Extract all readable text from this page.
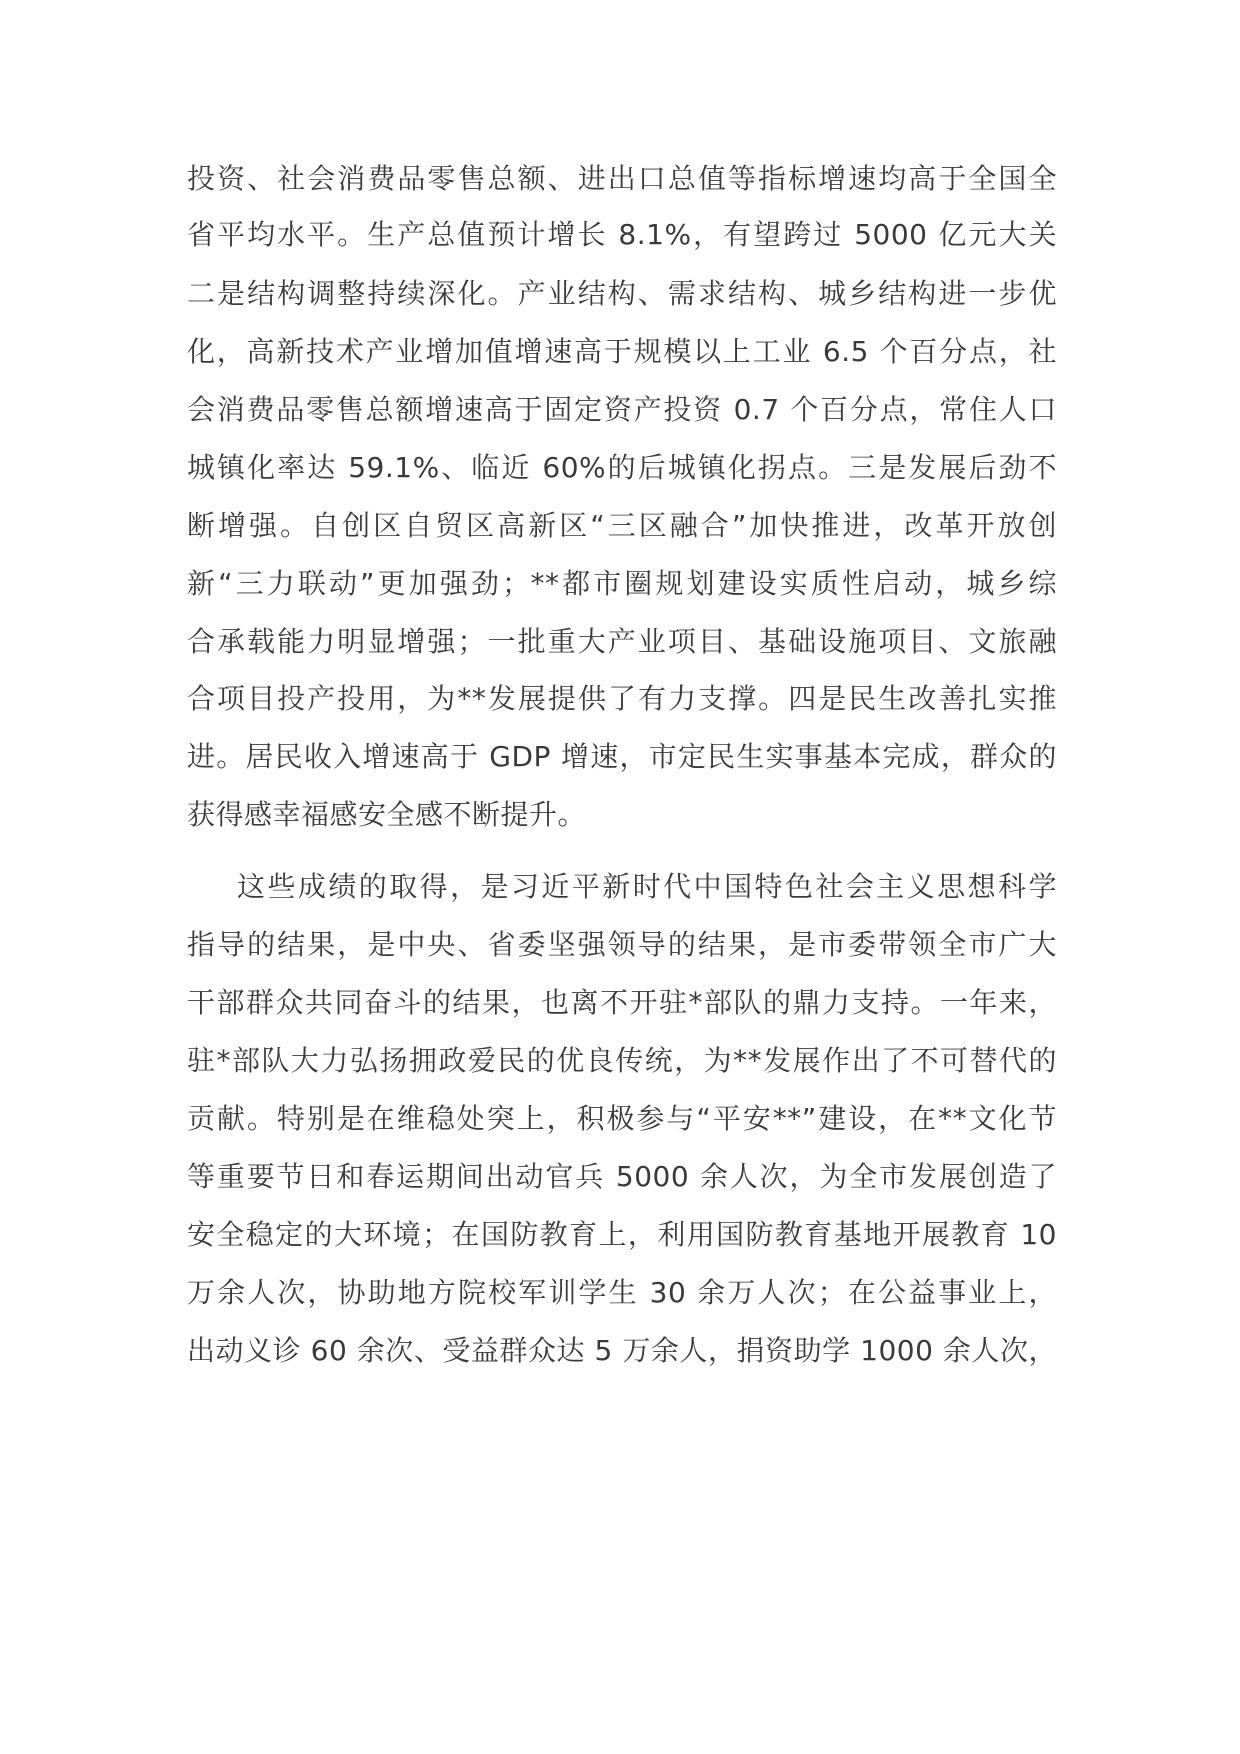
投资、社会消费品零售总额、进出口总值等指标增速均高于全国全
省平均水平。生产总值预计增长 8.1%，有望跨过 5000 亿元大关
二是结构调整持续深化。产业结构、需求结构、城乡结构进一步优
化，高新技术产业增加值增速高于规模以上工业 6.5 个百分点，社
会消费品零售总额增速高于固定资产投资 0.7 个百分点，常住人口
城镇化率达 59.1%、临近 60%的后城镇化拐点。三是发展后劲不
断增强。自创区自贸区高新区“三区融合”加快推进，改革开放创
新“三力联动”更加强劲；**都市圈规划建设实质性启动，城乡综
合承载能力明显增强；一批重大产业项目、基础设施项目、文旅融
合项目投产投用，为**发展提供了有力支撑。四是民生改善扎实推
进。居民收入增速高于 GDP 增速，市定民生实事基本完成，群众的
获得感幸福感安全感不断提升。
这些成绩的取得，是习近平新时代中国特色社会主义思想科学
指导的结果，是中央、省委坚强领导的结果，是市委带领全市广大
干部群众共同奋斗的结果，也离不开驻*部队的鼎力支持。一年来，
驻*部队大力弘扬拥政爱民的优良传统，为**发展作出了不可替代的
贡献。特别是在维稳处突上，积极参与“平安**”建设，在**文化节
等重要节日和春运期间出动官兵 5000 余人次，为全市发展创造了
安全稳定的大环境；在国防教育上，利用国防教育基地开展教育 10
万余人次，协助地方院校军训学生 30 余万人次；在公益事业上，
出动义诊 60 余次、受益群众达 5 万余人，捐资助学 1000 余人次，
